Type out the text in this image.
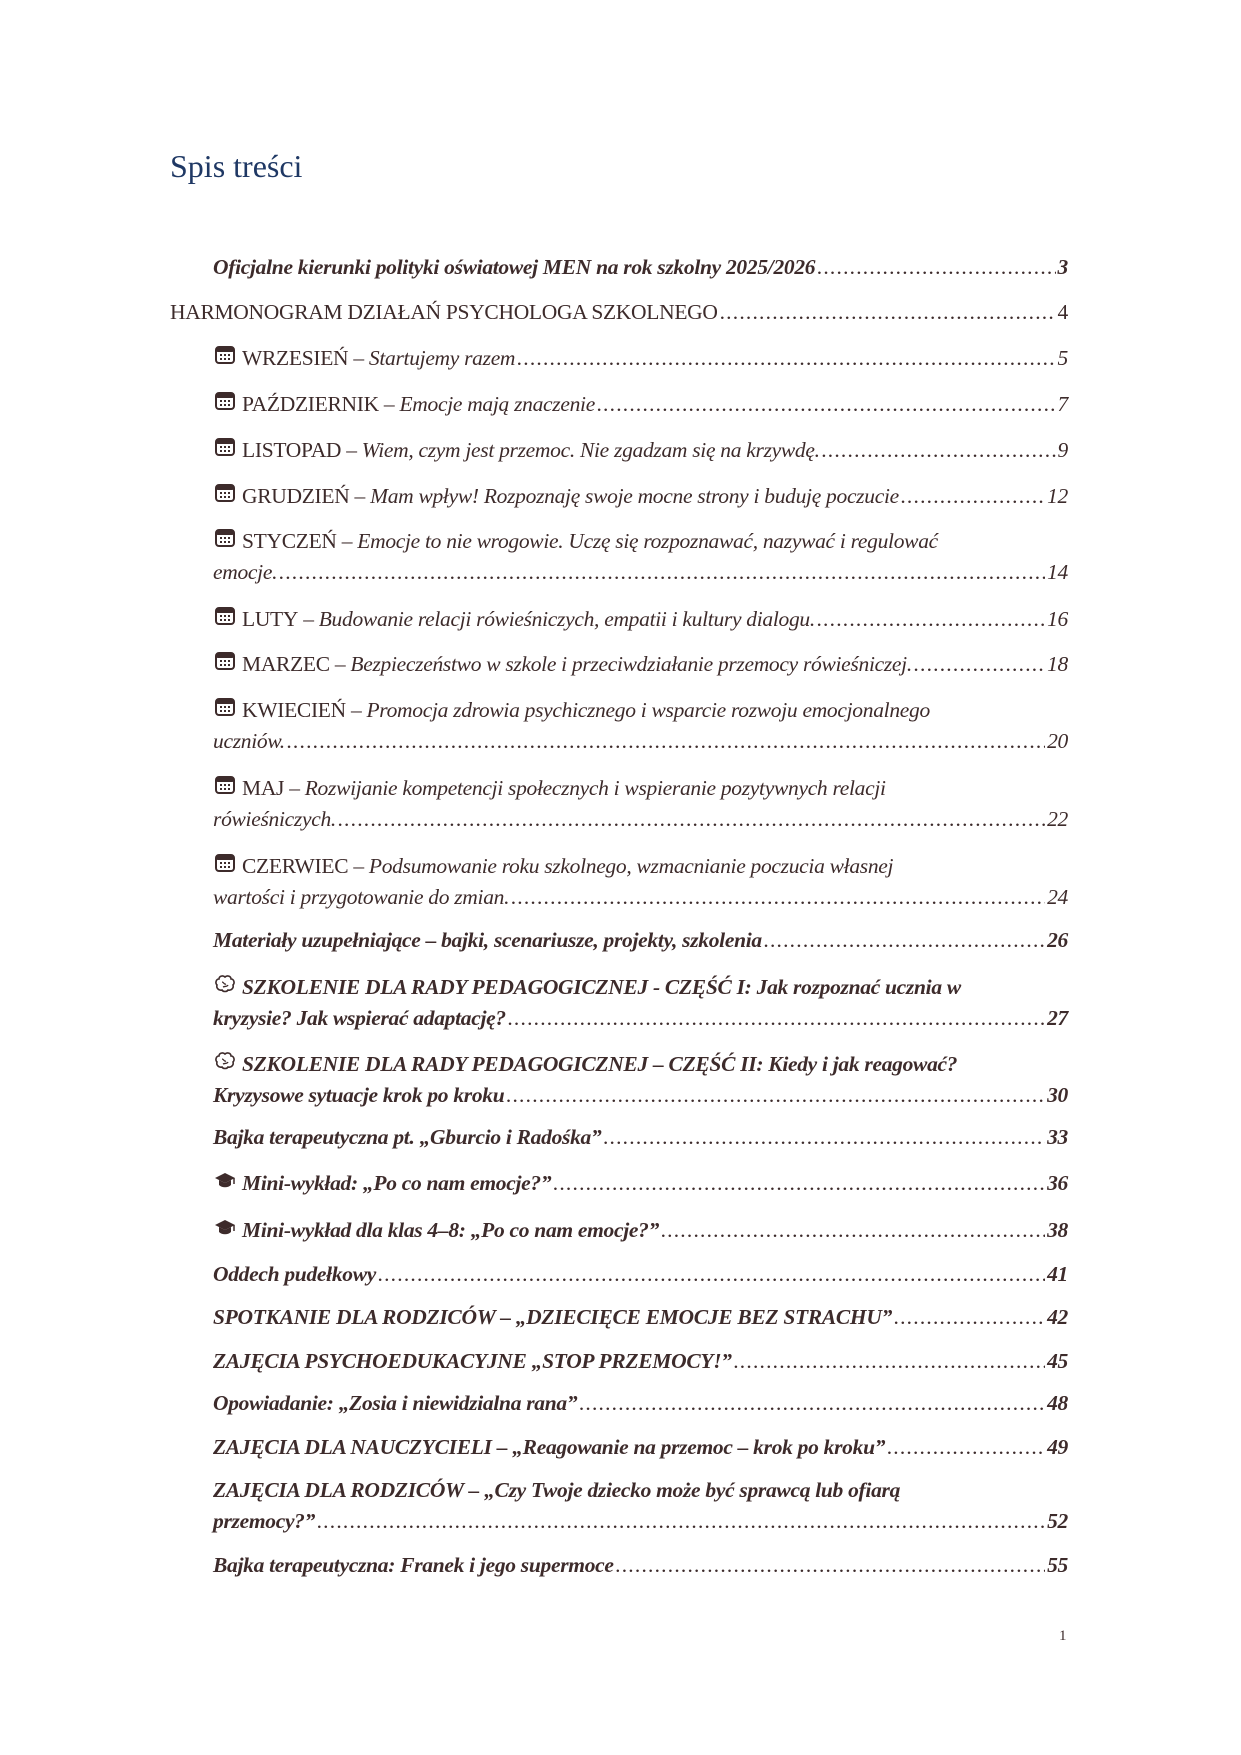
Spis treści
Oficjalne kierunki polityki oświatowej MEN na rok szkolny 2025/2026 .....	3
HARMONOGRAM DZIAŁAŃ PSYCHOLOGA SZKOLNEGO .....	4
WRZESIEŃ – Startujemy razem .....	5
PAŹDZIERNIK – Emocje mają znaczenie .....	7
LISTOPAD – Wiem, czym jest przemoc. Nie zgadzam się na krzywdę. .....	9
GRUDZIEŃ – Mam wpływ! Rozpoznaję swoje mocne strony i buduję poczucie .....	12
STYCZEŃ – Emocje to nie wrogowie. Uczę się rozpoznawać, nazywać i regulować
emocje. .....	14
LUTY – Budowanie relacji rówieśniczych, empatii i kultury dialogu. .....	16
MARZEC – Bezpieczeństwo w szkole i przeciwdziałanie przemocy rówieśniczej. .....	18
KWIECIEŃ – Promocja zdrowia psychicznego i wsparcie rozwoju emocjonalnego
uczniów. .....	20
MAJ – Rozwijanie kompetencji społecznych i wspieranie pozytywnych relacji
rówieśniczych. .....	22
CZERWIEC – Podsumowanie roku szkolnego, wzmacnianie poczucia własnej
wartości i przygotowanie do zmian. .....	24
Materiały uzupełniające – bajki, scenariusze, projekty, szkolenia .....	26
SZKOLENIE DLA RADY PEDAGOGICZNEJ - CZĘŚĆ I: Jak rozpoznać ucznia w
kryzysie? Jak wspierać adaptację? .....	27
SZKOLENIE DLA RADY PEDAGOGICZNEJ – CZĘŚĆ II: Kiedy i jak reagować?
Kryzysowe sytuacje krok po kroku .....	30
Bajka terapeutyczna pt. „Gburcio i Radośka” .....	33
Mini-wykład: „Po co nam emocje?” .....	36
Mini-wykład dla klas 4–8: „Po co nam emocje?” .....	38
Oddech pudełkowy .....	41
SPOTKANIE DLA RODZICÓW – „DZIECIĘCE EMOCJE BEZ STRACHU” .....	42
ZAJĘCIA PSYCHOEDUKACYJNE „STOP PRZEMOCY!” .....	45
Opowiadanie: „Zosia i niewidzialna rana” .....	48
ZAJĘCIA DLA NAUCZYCIELI – „Reagowanie na przemoc – krok po kroku” .....	49
ZAJĘCIA DLA RODZICÓW – „Czy Twoje dziecko może być sprawcą lub ofiarą
przemocy?” .....	52
Bajka terapeutyczna: Franek i jego supermoce .....	55
1
